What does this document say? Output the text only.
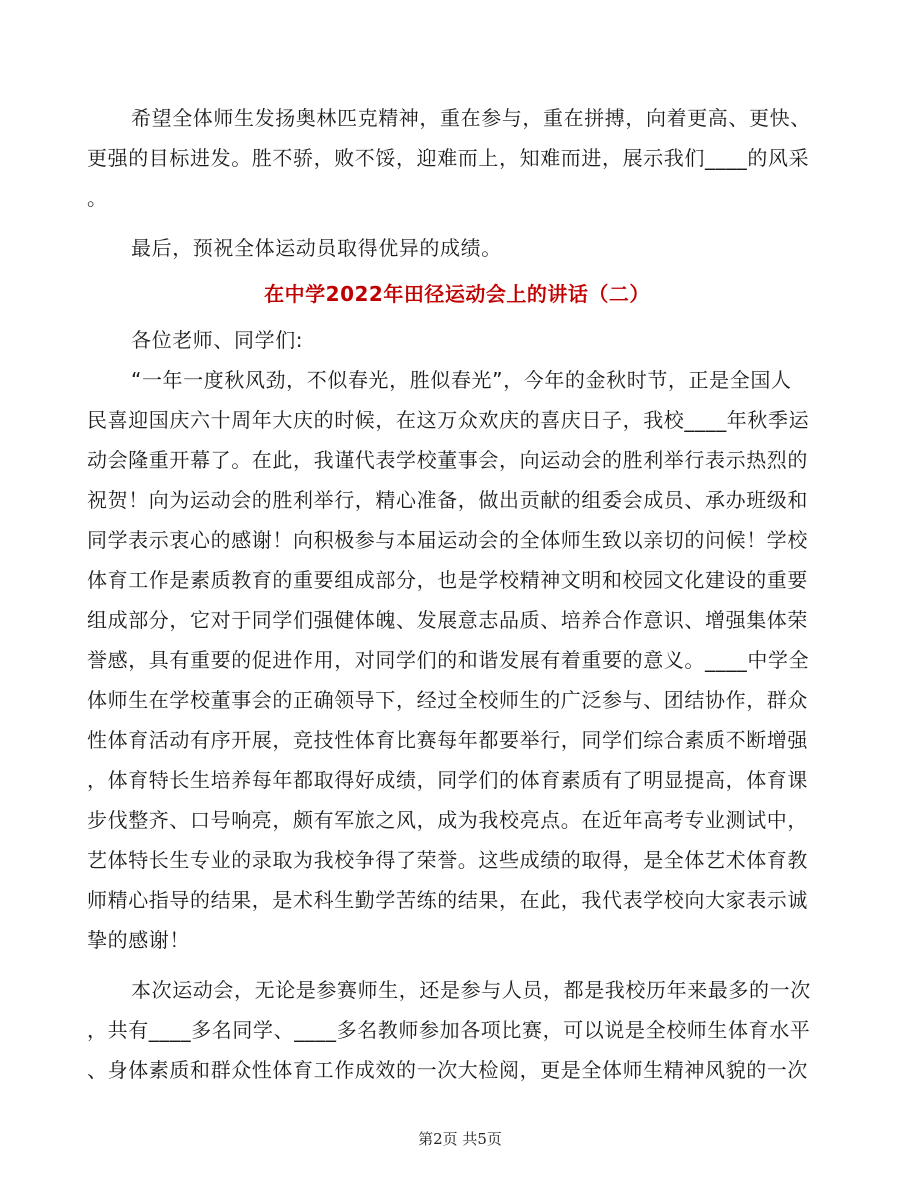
希望全体师生发扬奥林匹克精神，重在参与，重在拼搏，向着更高、更快、
更强的目标进发。胜不骄，败不馁，迎难而上，知难而进，展示我们____的风采
。
最后，预祝全体运动员取得优异的成绩。
在中学2022年田径运动会上的讲话（二）
各位老师、同学们:
“一年一度秋风劲，不似春光，胜似春光”，今年的金秋时节，正是全国人
民喜迎国庆六十周年大庆的时候，在这万众欢庆的喜庆日子，我校____年秋季运
动会隆重开幕了。在此，我谨代表学校董事会，向运动会的胜利举行表示热烈的
祝贺！向为运动会的胜利举行，精心准备，做出贡献的组委会成员、承办班级和
同学表示衷心的感谢！向积极参与本届运动会的全体师生致以亲切的问候！学校
体育工作是素质教育的重要组成部分，也是学校精神文明和校园文化建设的重要
组成部分，它对于同学们强健体魄、发展意志品质、培养合作意识、增强集体荣
誉感，具有重要的促进作用，对同学们的和谐发展有着重要的意义。____中学全
体师生在学校董事会的正确领导下，经过全校师生的广泛参与、团结协作，群众
性体育活动有序开展，竞技性体育比赛每年都要举行，同学们综合素质不断增强
，体育特长生培养每年都取得好成绩，同学们的体育素质有了明显提高，体育课
步伐整齐、口号响亮，颇有军旅之风，成为我校亮点。在近年高考专业测试中，
艺体特长生专业的录取为我校争得了荣誉。这些成绩的取得，是全体艺术体育教
师精心指导的结果，是术科生勤学苦练的结果，在此，我代表学校向大家表示诚
挚的感谢！
本次运动会，无论是参赛师生，还是参与人员，都是我校历年来最多的一次
，共有____多名同学、____多名教师参加各项比赛，可以说是全校师生体育水平
、身体素质和群众性体育工作成效的一次大检阅，更是全体师生精神风貌的一次
第2页 共5页
